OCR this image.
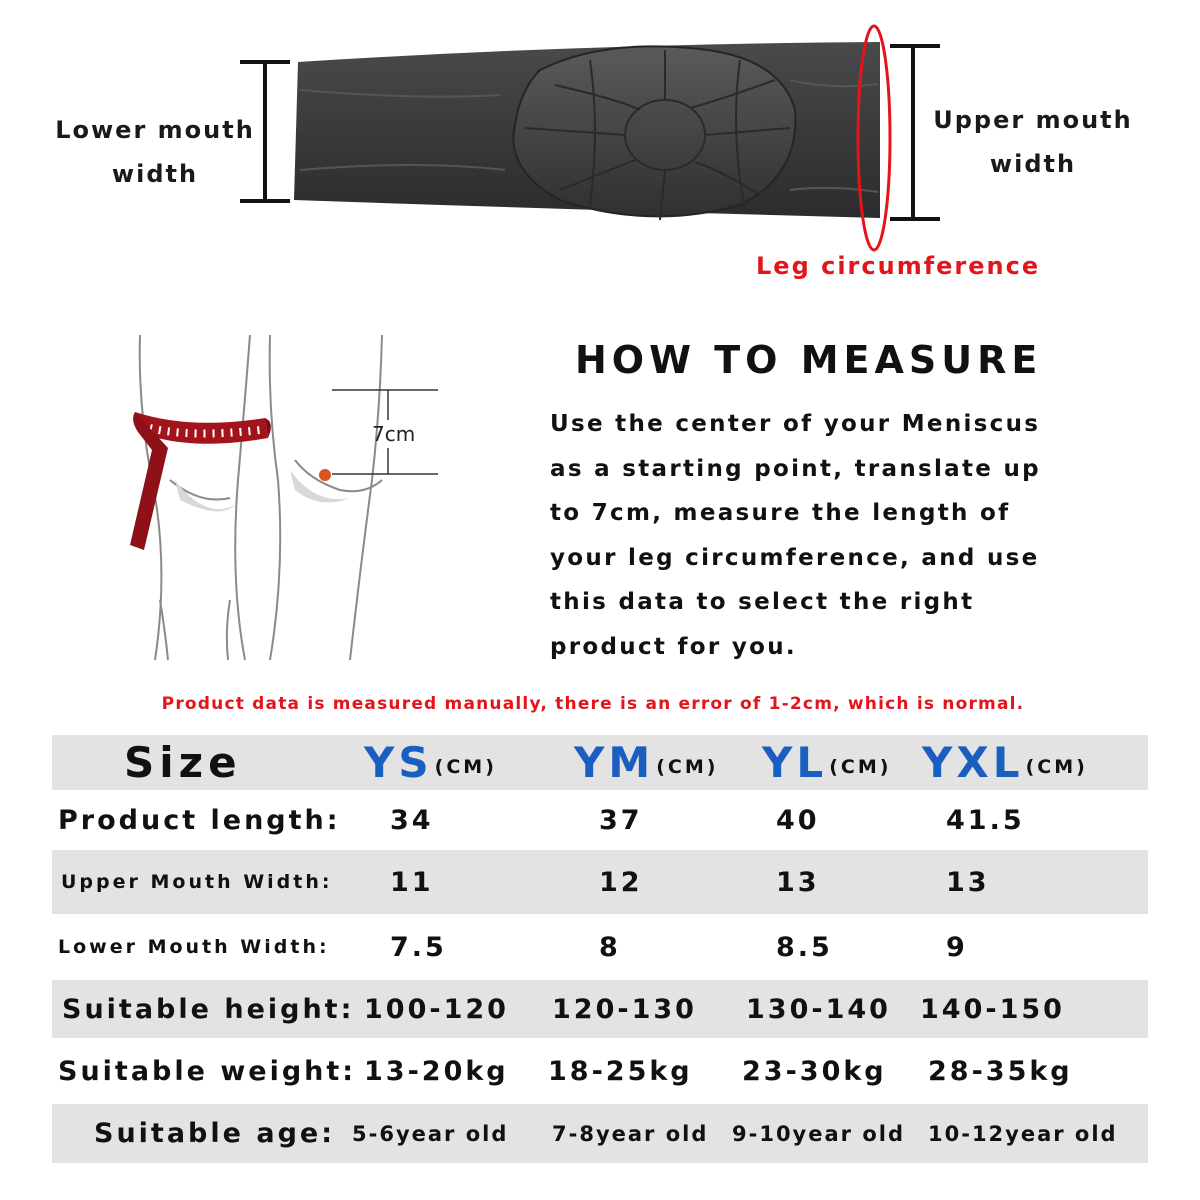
Lower mouth
width
Upper mouth
width
Leg circumference
7cm
HOW TO MEASURE

Use the center of your Meniscus

as a starting point, translate up

to 7cm, measure the length of

your leg circumference, and use

this data to select the right

product for you.

Product data is measured manually, there is an error of 1-2cm, which is normal.
Size	YS (CM) YM (CM) YL (CM) YXL (CM)
Product length: 34	37	40	41.5
Upper Mouth Width: 11	12	13	13
Lower Mouth Width: 7.5	8	8.5	9
Suitable height: 100-120 120-130 130-140 140-150
Suitable weight: 13-20kg 18-25kg 23-30kg 28-35kg
Suitable age: 5-6year old 7-8year old 9-10year old 10-12year old
